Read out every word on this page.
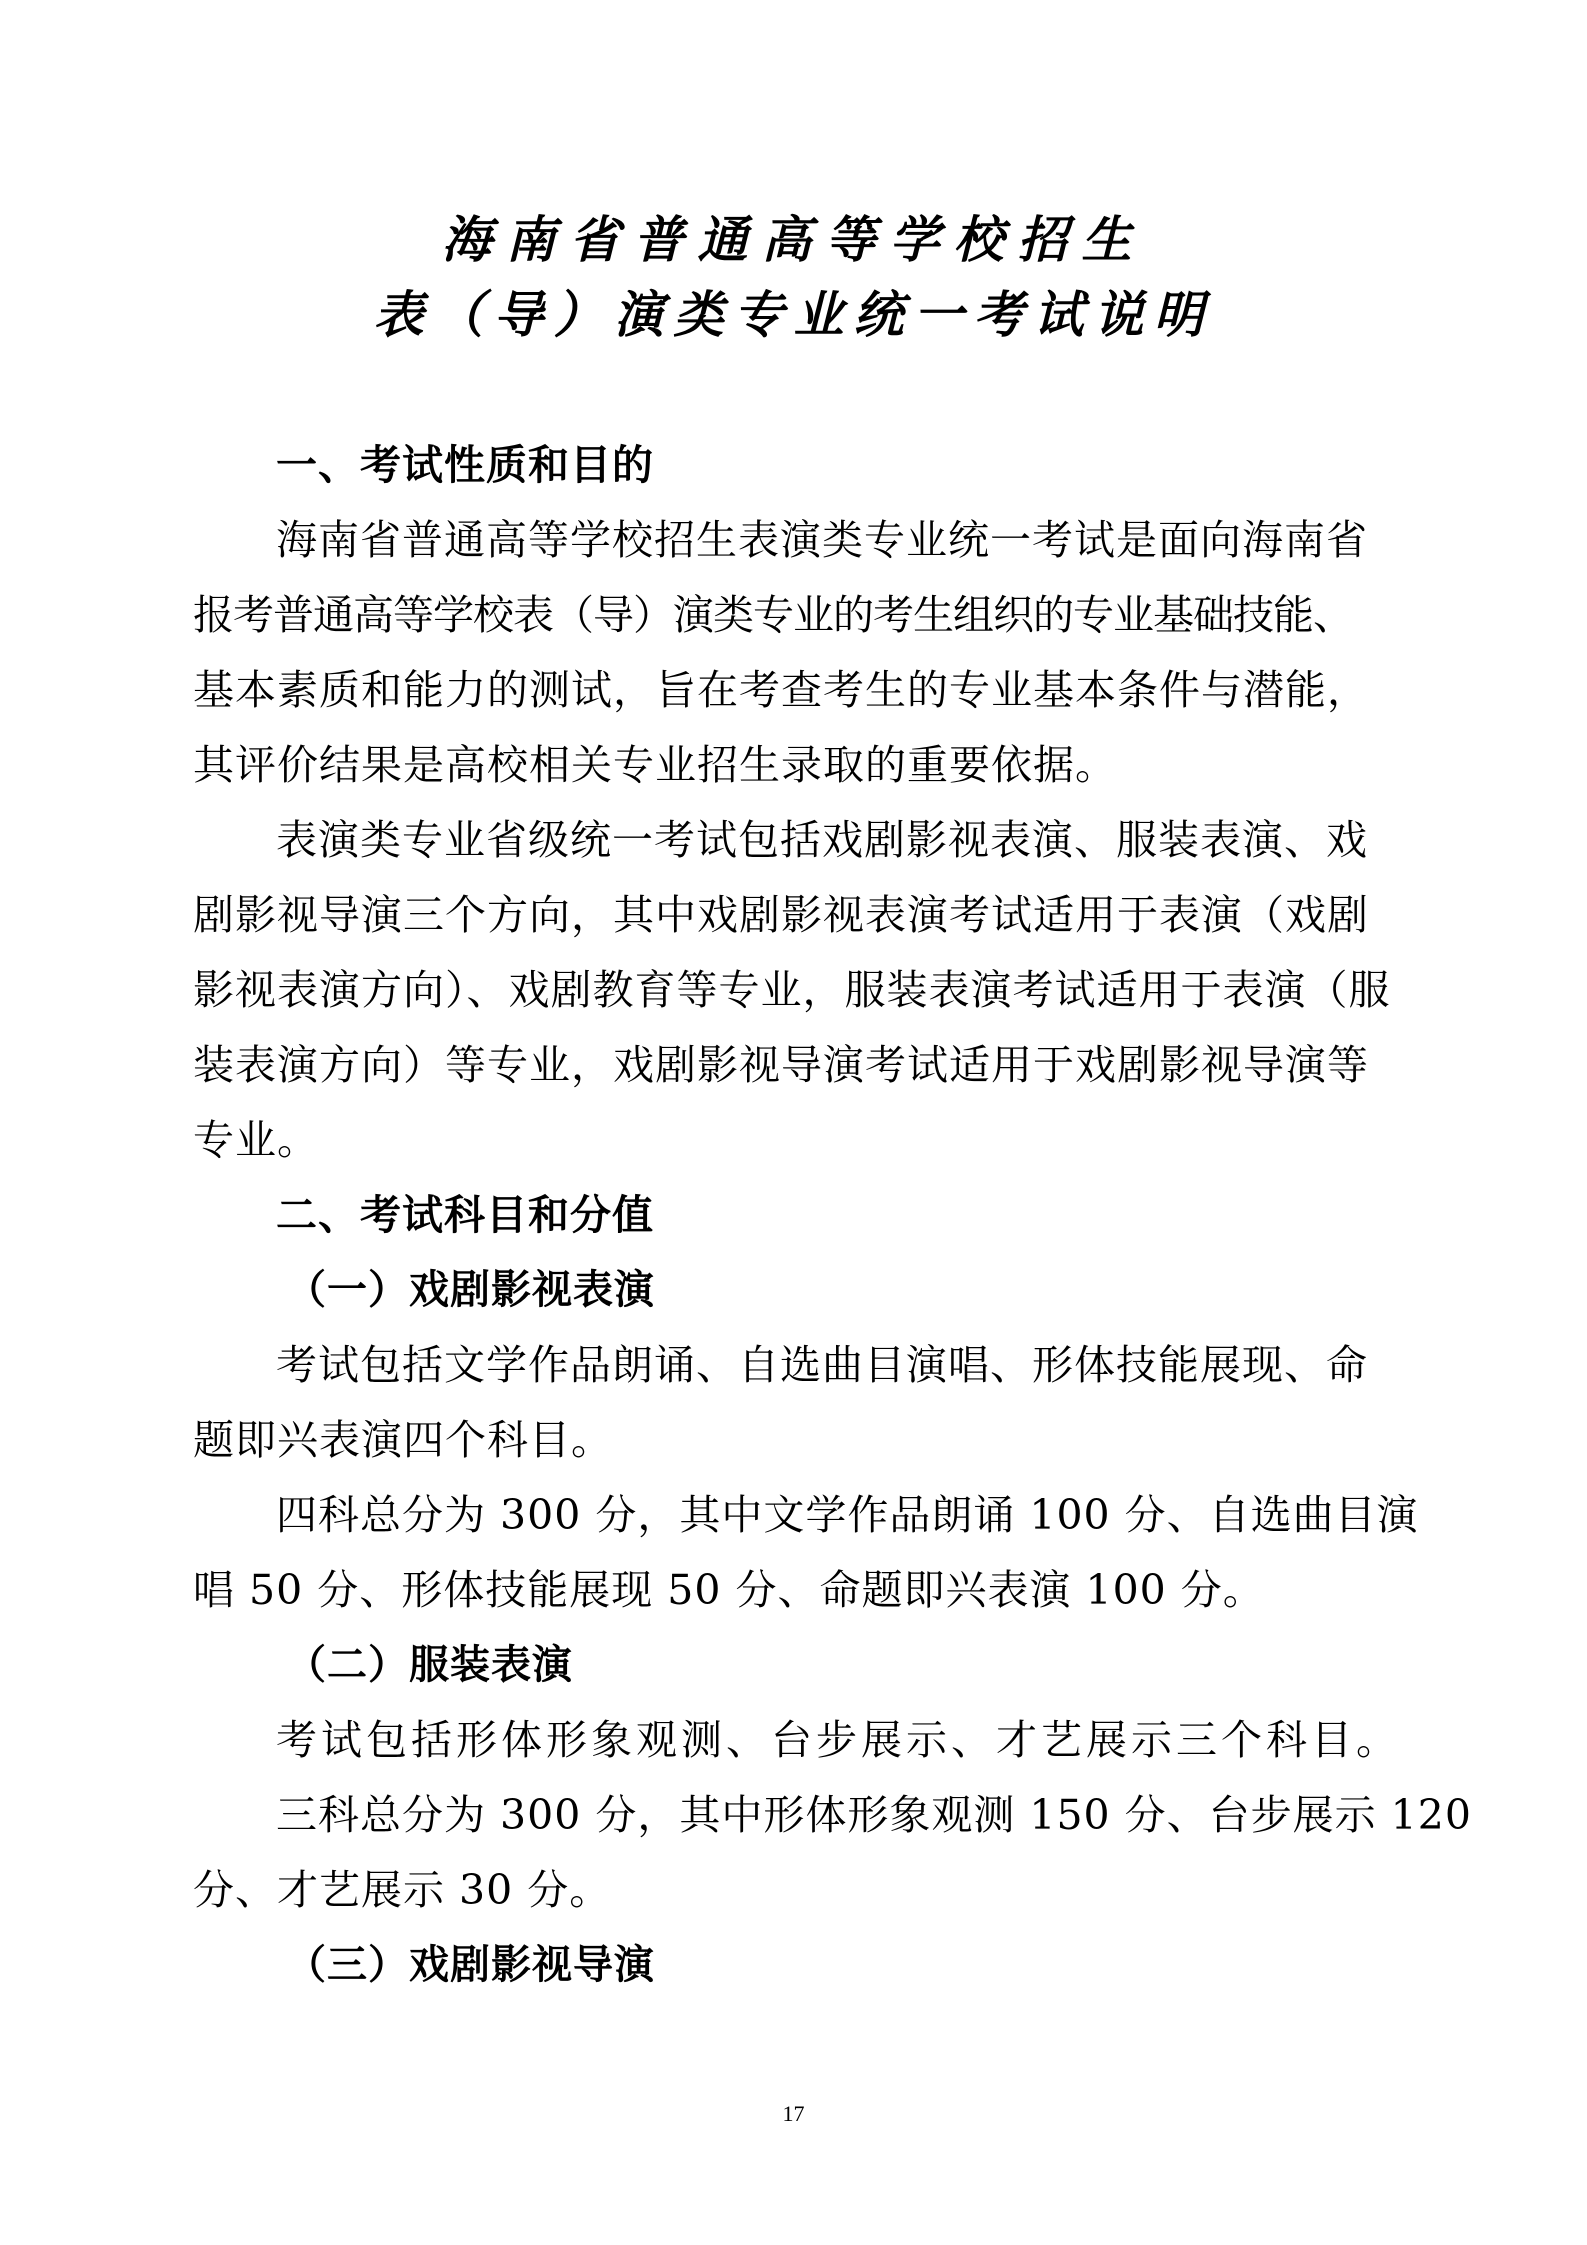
海南省普通高等学校招生
表（导）演类专业统一考试说明
一、考试性质和目的
海南省普通高等学校招生表演类专业统一考试是面向海南省
报考普通高等学校表（导）演类专业的考生组织的专业基础技能、
基本素质和能力的测试，旨在考查考生的专业基本条件与潜能，
其评价结果是高校相关专业招生录取的重要依据。
表演类专业省级统一考试包括戏剧影视表演、服装表演、戏
剧影视导演三个方向，其中戏剧影视表演考试适用于表演（戏剧
影视表演方向）、戏剧教育等专业，服装表演考试适用于表演（服
装表演方向）等专业，戏剧影视导演考试适用于戏剧影视导演等
专业。
二、考试科目和分值
（一）戏剧影视表演
考试包括文学作品朗诵、自选曲目演唱、形体技能展现、命
题即兴表演四个科目。
四科总分为 300 分，其中文学作品朗诵 100 分、自选曲目演
唱 50 分、形体技能展现 50 分、命题即兴表演 100 分。
（二）服装表演
考试包括形体形象观测、台步展示、才艺展示三个科目。
三科总分为 300 分，其中形体形象观测 150 分、台步展示 120
分、才艺展示 30 分。
（三）戏剧影视导演
17
